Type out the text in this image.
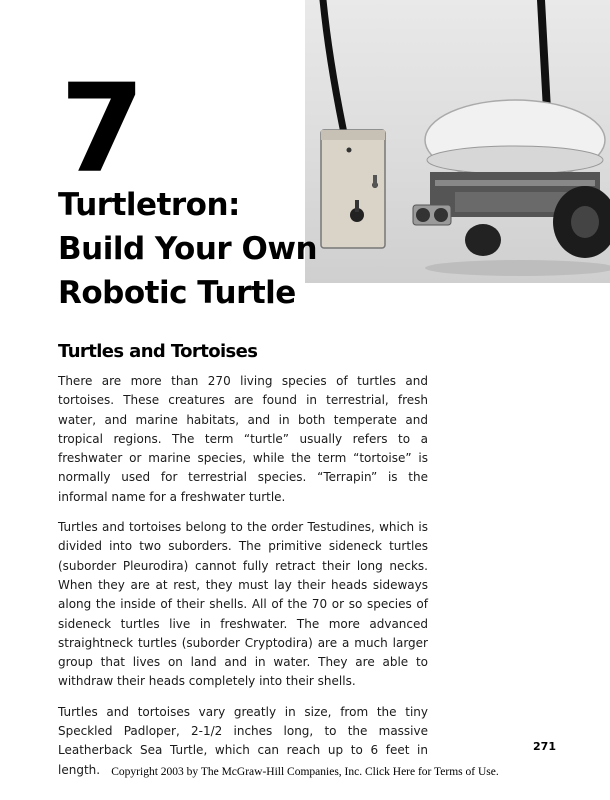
7
Turtletron:
Build Your Own
Robotic Turtle
Turtles and Tortoises

There are more than 270 living species of turtles and tortoises. These creatures are found in terrestrial, fresh water, and marine habitats, and in both temperate and tropical regions. The term “turtle” usually refers to a freshwater or marine species, while the term “tortoise” is normally used for terrestrial species. “Terrapin” is the informal name for a freshwater turtle.

Turtles and tortoises belong to the order Testudines, which is divided into two suborders. The primitive sideneck turtles (suborder Pleurodira) cannot fully retract their long necks. When they are at rest, they must lay their heads sideways along the inside of their shells. All of the 70 or so species of sideneck turtles live in freshwater. The more advanced straightneck turtles (suborder Cryptodira) are a much larger group that lives on land and in water. They are able to withdraw their heads completely into their shells.

Turtles and tortoises vary greatly in size, from the tiny Speckled Padloper, 2-1/2 inches long, to the massive Leatherback Sea Turtle, which can reach up to 6 feet in length.

271
Copyright 2003 by The McGraw-Hill Companies, Inc. Click Here for Terms of Use.
